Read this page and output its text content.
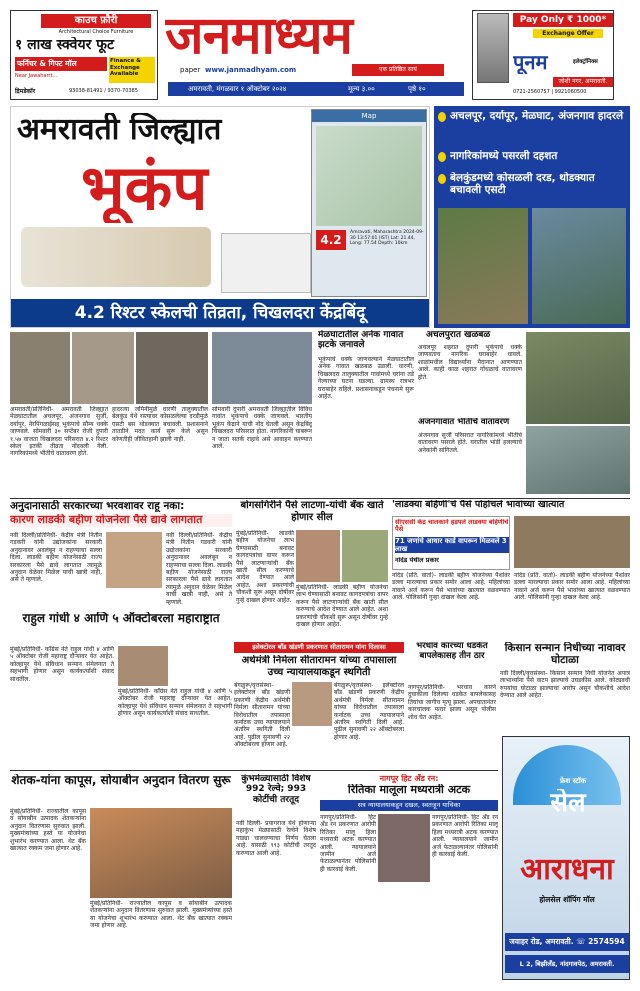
काउच फ़ौरी
Architectural Choice Furniture
१ लाख स्क्वेयर फूट
फर्निचर & गिफ्ट मॉल	Finance & Exchange Available
Near Jawaharrt...
द्रिमडेकॉर	93038-81491 / 9370-70385
जनमाध्यम
paper www.janmadhyam.com	एक प्रतिष्ठित सायं
अमरावती, मंगळवार १ ऑक्टोबर २०२४	मूल्य ३.००	पृष्ठे १०
Pay Only ₹ 1000*
Exchange Offer
पूनम	इलेक्ट्रॉनिक्स
जोशी नगर, अमरावती.
0721-2560757 | 9921060500
अमरावती जिल्ह्यात
भूकंप
Map
4.2
Amravati, Maharashtra 2024-09-30 13:57:01 (IST) Lat: 21.44, Long: 77.54 Depth: 10km
4.2 रिश्टर स्केलची तिव्रता, चिखलदरा केंद्रबिंदू
अचलपूर, दर्यापूर, मेळघाट, अंजनगाव हादरले
नागरिकांमध्ये पसरली दहशत
बेलकुंडमध्ये कोसळली दरड, थोडक्यात बचावली एसटी
अमरावती/प्रतिनिधी- अमरावती जिल्ह्यात मेळघाटातील अचलपूर, अंजनगाव सुर्जी, दर्यापूर, नेरपिंगळाईसह भूकंपाचे सौम्य धक्के जाणवले. सोमवारी ३० सप्टेंबर रोजी दुपारी १.५७ वाजता चिखलदरा परिसरात ४.२ रिश्टर स्केल इतकी तीव्रता नोंदवली गेली. नागरिकांमध्ये भीतीचे वातावरण होते.
हादरत्या जमिनीमुळे धारणी तालुक्यातील बेलकुंड येथे रस्त्यावर कोसळलेल्या दरडीमुळे एसटी बस थोडक्यात बचावली. प्रशासनाने तातडीने मदत कार्य सुरू केले असून कोणतीही जीवितहानी झाली नाही.
सोमवारी दुपारी अमरावती जिल्ह्यातील विविध गावांत भूकंपाचे धक्के जाणवले. भारतीय भूकंप केंद्राने याची नोंद घेतली असून केंद्रबिंदू चिखलदरा परिसरात होता. नागरिकांनी घाबरून न जाता सतर्क राहावे असे आवाहन करण्यात आले.
मेळघाटातील अनेक गावात झटके जनावले
भूकंपाचे धक्के जाणवल्याने मेळघाटातील अनेक गावात खळबळ उडाली. धारणी, चिखलदरा तालुक्यातील गावांमध्ये घरांना तडे गेल्याच्या घटना घडल्या. ग्रामस्थ रात्रभर घराबाहेर राहिले. प्रशासनाकडून पंचनामे सुरू आहेत.
अचलपुरात खळबळ
अचलपूर शहरात दुपारी भूकंपाचे धक्के जाणवताच नागरिक घराबाहेर धावले. शाळांमधील विद्यार्थ्यांना मैदानात आणण्यात आले. काही काळ शहरात गोंधळाचे वातावरण होते.
अंजनगावात भीतीचे वातावरण
अंजनगाव सुर्जी परिसरात नागरिकांमध्ये भीतीचे वातावरण पसरले होते. घरातील भांडी हलल्याचे अनेकांनी सांगितले.
अनुदानासाठी सरकारच्या भरवशावर राहू नका:
कारण लाडकी बहीण योजनेला पैसे द्यावे लागतात
नवी दिल्ली/प्रतिनिधी- केंद्रीय मंत्री नितीन गडकरी यांनी उद्योजकांना सरकारी अनुदानावर अवलंबून न राहण्याचा सल्ला दिला. लाडकी बहीण योजनेसाठी राज्य सरकारला पैसे द्यावे लागतात त्यामुळे अनुदान वेळेवर मिळेल याची खात्री नाही, असे ते म्हणाले.
नवी दिल्ली/प्रतिनिधी- केंद्रीय मंत्री नितीन गडकरी यांनी उद्योजकांना सरकारी अनुदानावर अवलंबून न राहण्याचा सल्ला दिला. लाडकी बहीण योजनेसाठी राज्य सरकारला पैसे द्यावे लागतात त्यामुळे अनुदान वेळेवर मिळेल याची खात्री नाही, असे ते म्हणाले.
बोगसगिरीने पैसे लाटणा-यांची बँक खाते होणार सील
मुंबई/प्रतिनिधी- लाडकी बहीण योजनेचा लाभ घेण्यासाठी बनावट कागदपत्रांचा वापर करून पैसे लाटणाऱ्यांची बँक खाती सील करण्याचे आदेश देण्यात आले आहेत. अशा प्रकरणांची चौकशी सुरू असून दोषींवर गुन्हे दाखल होणार आहेत.
मुंबई/प्रतिनिधी- लाडकी बहीण योजनेचा लाभ घेण्यासाठी बनावट कागदपत्रांचा वापर करून पैसे लाटणाऱ्यांची बँक खाती सील करण्याचे आदेश देण्यात आले आहेत. अशा प्रकरणांची चौकशी सुरू असून दोषींवर गुन्हे दाखल होणार आहेत.
'लाडक्या बहिणी'चे पैसे पोहोचले भावांच्या खात्यात
सीएससी केंद्र चालकाने हडपले लाडक्या बहिणीचे पैसे
71 जणांचे आधार कार्ड वापरून मिळवले 3 लाख
नांदेड येथील प्रकार
नांदेड (प्रति. वार्ता)- लाडकी बहीण योजनेच्या पैशांवर डल्ला मारल्याचा प्रकार समोर आला आहे. महिलांच्या नावाने अर्ज करून पैसे भावांच्या खात्यात वळवण्यात आले. पोलिसांनी गुन्हा दाखल केला आहे.
नांदेड (प्रति. वार्ता)- लाडकी बहीण योजनेच्या पैशांवर डल्ला मारल्याचा प्रकार समोर आला आहे. महिलांच्या नावाने अर्ज करून पैसे भावांच्या खात्यात वळवण्यात आले. पोलिसांनी गुन्हा दाखल केला आहे.
राहुल गांधी ४ आणि ५ ऑक्टोबरला महाराष्ट्रात
मुंबई/प्रतिनिधी- काँग्रेस नेते राहुल गांधी ४ आणि ५ ऑक्टोबर रोजी महाराष्ट्र दौऱ्यावर येत आहेत. कोल्हापूर येथे संविधान सन्मान संमेलनात ते सहभागी होणार असून कार्यकर्त्यांशी संवाद साधतील.
मुंबई/प्रतिनिधी- काँग्रेस नेते राहुल गांधी ४ आणि ५ ऑक्टोबर रोजी महाराष्ट्र दौऱ्यावर येत आहेत. कोल्हापूर येथे संविधान सन्मान संमेलनात ते सहभागी होणार असून कार्यकर्त्यांशी संवाद साधतील.
इलेक्टोरल बॉंड खंडणी प्रकरणात सीतारामन यांना दिलासा
अर्थमंत्री निर्मला सीतारामन यांच्या तपासाला उच्च न्यायालयाकडून स्थगिती
बंगळुरू/वृत्तसंस्था- इलेक्टोरल बाँड खंडणी प्रकरणी केंद्रीय अर्थमंत्री निर्मला सीतारामन यांच्या विरोधातील तपासाला कर्नाटक उच्च न्यायालयाने अंतरिम स्थगिती दिली आहे. पुढील सुनावणी २२ ऑक्टोबरला होणार आहे.
बंगळुरू/वृत्तसंस्था- इलेक्टोरल बाँड खंडणी प्रकरणी केंद्रीय अर्थमंत्री निर्मला सीतारामन यांच्या विरोधातील तपासाला कर्नाटक उच्च न्यायालयाने अंतरिम स्थगिती दिली आहे. पुढील सुनावणी २२ ऑक्टोबरला होणार आहे.
भरधाव कारच्या धडकेत बापलेकासह तीन ठार
नागपूर/प्रतिनिधी- भरधाव कारने दुचाकीला दिलेल्या धडकेत बापलेकासह तिघांचा जागीच मृत्यू झाला. अपघातानंतर कारचालक फरार झाला असून पोलीस शोध घेत आहेत.
किसान सन्मान निधीच्या नावावर घोटाळा
नवी दिल्ली/वृत्तसंस्था- किसान सन्मान निधी योजनेत अपात्र लाभार्थ्यांना पैसे वाटप झाल्याचे उघडकीस आले. कोट्यवधी रुपयांचा घोटाळा झाल्याचा आरोप असून चौकशीचे आदेश देण्यात आले आहेत.
शेतक-यांना कापूस, सोयाबीन अनुदान वितरण सुरू
मुंबई/प्रतिनिधी- राज्यातील कापूस व सोयाबीन उत्पादक शेतकऱ्यांना अनुदान वितरणास सुरुवात झाली. मुख्यमंत्र्यांच्या हस्ते या योजनेचा शुभारंभ करण्यात आला. थेट बँक खात्यात रक्कम जमा होणार आहे.
मुंबई/प्रतिनिधी- राज्यातील कापूस व सोयाबीन उत्पादक शेतकऱ्यांना अनुदान वितरणास सुरुवात झाली. मुख्यमंत्र्यांच्या हस्ते या योजनेचा शुभारंभ करण्यात आला. थेट बँक खात्यात रक्कम जमा होणार आहे.
कुंभमेळ्यासाठी विशेष 992 रेल्वे; 993 कोटींची तरतूद
नवी दिल्ली- प्रयागराज येथे होणाऱ्या महाकुंभ मेळ्यासाठी रेल्वेने विशेष गाड्या चालवण्याचा निर्णय घेतला आहे. यासाठी ९९३ कोटींची तरतूद करण्यात आली आहे.
नागपूर हिट अँड रन:
रितिका मालूला मध्यरात्री अटक
सत्र न्यायालयाकडून दखल, स्वतःहून याचिका
नागपूर/प्रतिनिधी- हिट अँड रन प्रकरणात आरोपी रितिका मालू हिला मध्यरात्री अटक करण्यात आली. न्यायालयाने जामीन अर्ज फेटाळल्यानंतर पोलिसांनी ही कारवाई केली.
नागपूर/प्रतिनिधी- हिट अँड रन प्रकरणात आरोपी रितिका मालू हिला मध्यरात्री अटक करण्यात आली. न्यायालयाने जामीन अर्ज फेटाळल्यानंतर पोलिसांनी ही कारवाई केली.
फ्रेश स्टॉक
सेल
आराधना
होलसेल शॉपिंग मॉल
जवाहर रोड, अमरावती. ☏ 2574594
L 2, बिझीलॅंड, नांदगावपेठ, अमरावती.
